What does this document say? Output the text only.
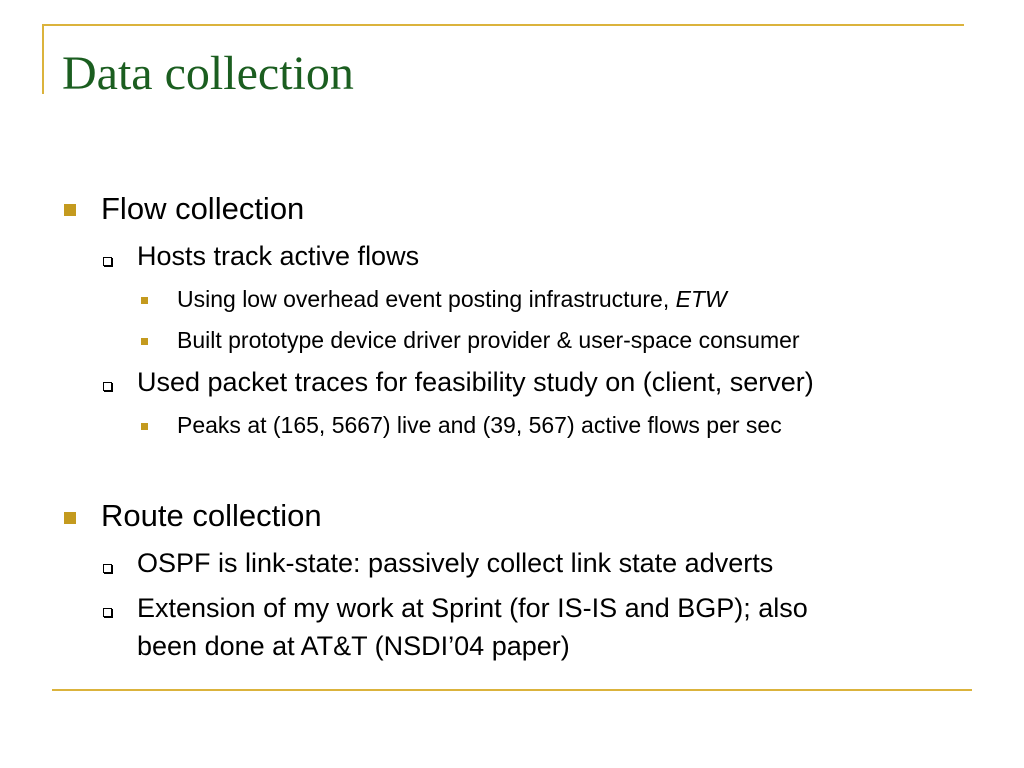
Data collection
Flow collection
Hosts track active flows
Using low overhead event posting infrastructure, ETW
Built prototype device driver provider & user-space consumer
Used packet traces for feasibility study on (client, server)
Peaks at (165, 5667) live and (39, 567) active flows per sec
Route collection
OSPF is link-state: passively collect link state adverts
Extension of my work at Sprint (for IS-IS and BGP); also
been done at AT&T (NSDI’04 paper)
